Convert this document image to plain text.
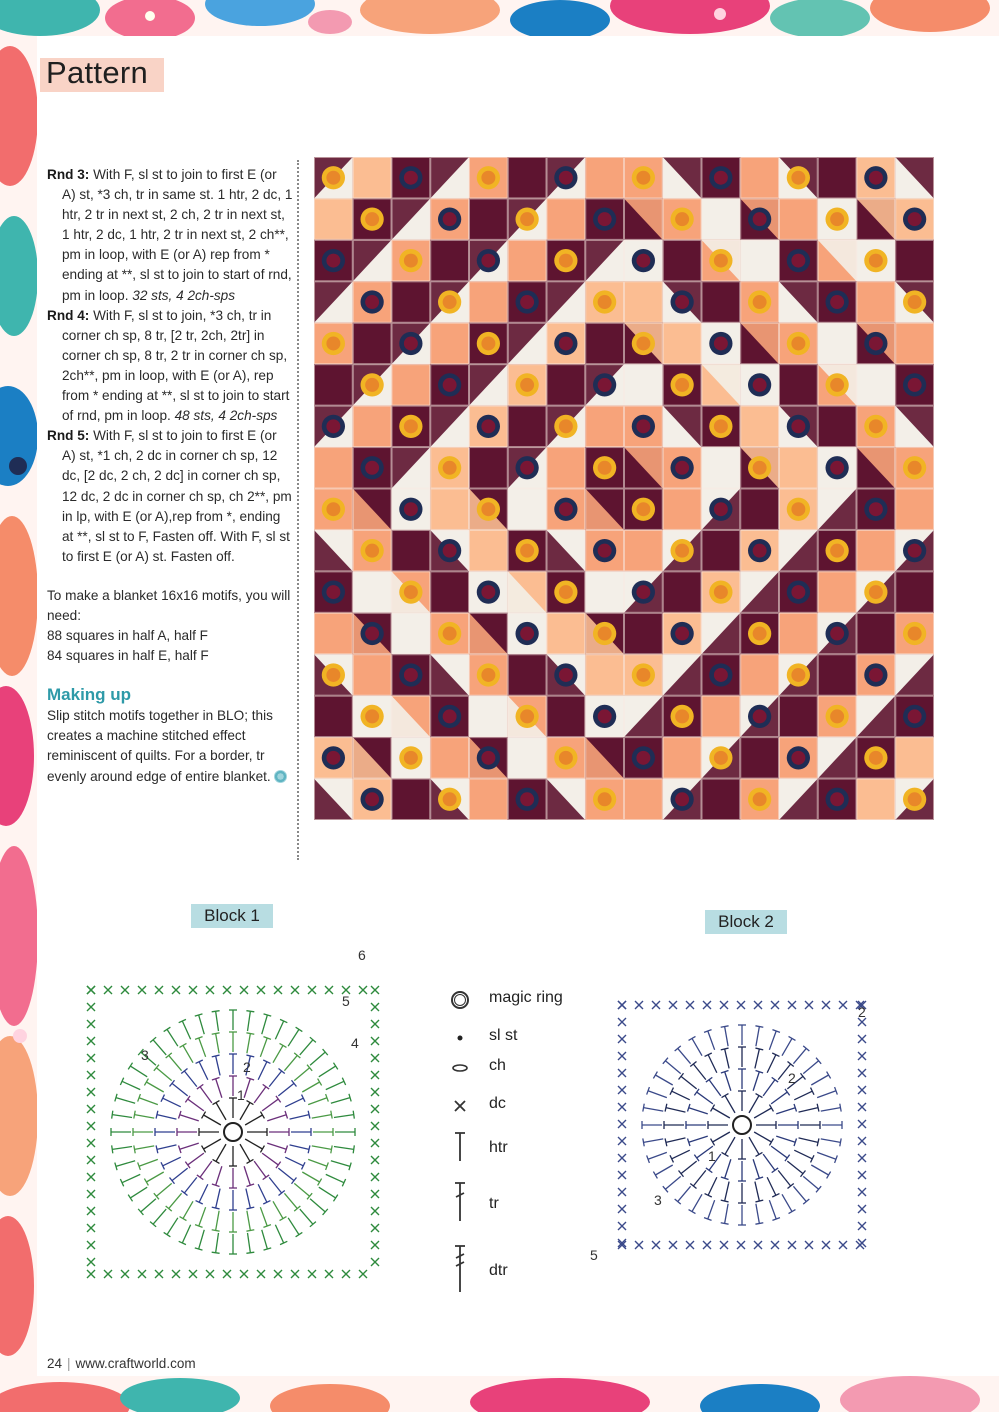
Pattern
Rnd 3: With F, sl st to join to first E (or A) st, *3 ch, tr in same st. 1 htr, 2 dc, 1 htr, 2 tr in next st, 2 ch, 2 tr in next st, 1 htr, 2 dc, 1 htr, 2 tr in next st, 2 ch**, pm in loop, with E (or A) rep from * ending at **, sl st to join to start of rnd, pm in loop. 32 sts, 4 2ch-sps
Rnd 4: With F, sl st to join, *3 ch, tr in corner ch sp, 8 tr, [2 tr, 2ch, 2tr] in corner ch sp, 8 tr, 2 tr in corner ch sp, 2ch**, pm in loop, with E (or A), rep from * ending at **, sl st to join to start of rnd, pm in loop. 48 sts, 4 2ch-sps
Rnd 5: With F, sl st to join to first E (or A) st, *1 ch, 2 dc in corner ch sp, 12 dc, [2 dc, 2 ch, 2 dc] in corner ch sp, 12 dc, 2 dc in corner ch sp, ch 2**, pm in lp, with E (or A),rep from *, ending at **, sl st to F, Fasten off. With F, sl st to first E (or A) st. Fasten off.
To make a blanket 16x16 motifs, you will need:
88 squares in half A, half F
84 squares in half E, half F
Making up
Slip stitch motifs together in BLO; this creates a machine stitched effect reminiscent of quilts. For a border, tr evenly around edge of entire blanket.
Block 1	Block 2
1
2
3
4
5
6
1
2
2
3
5
magic ring
sl st
ch
dc
htr
tr
dtr
24 | www.craftworld.com
